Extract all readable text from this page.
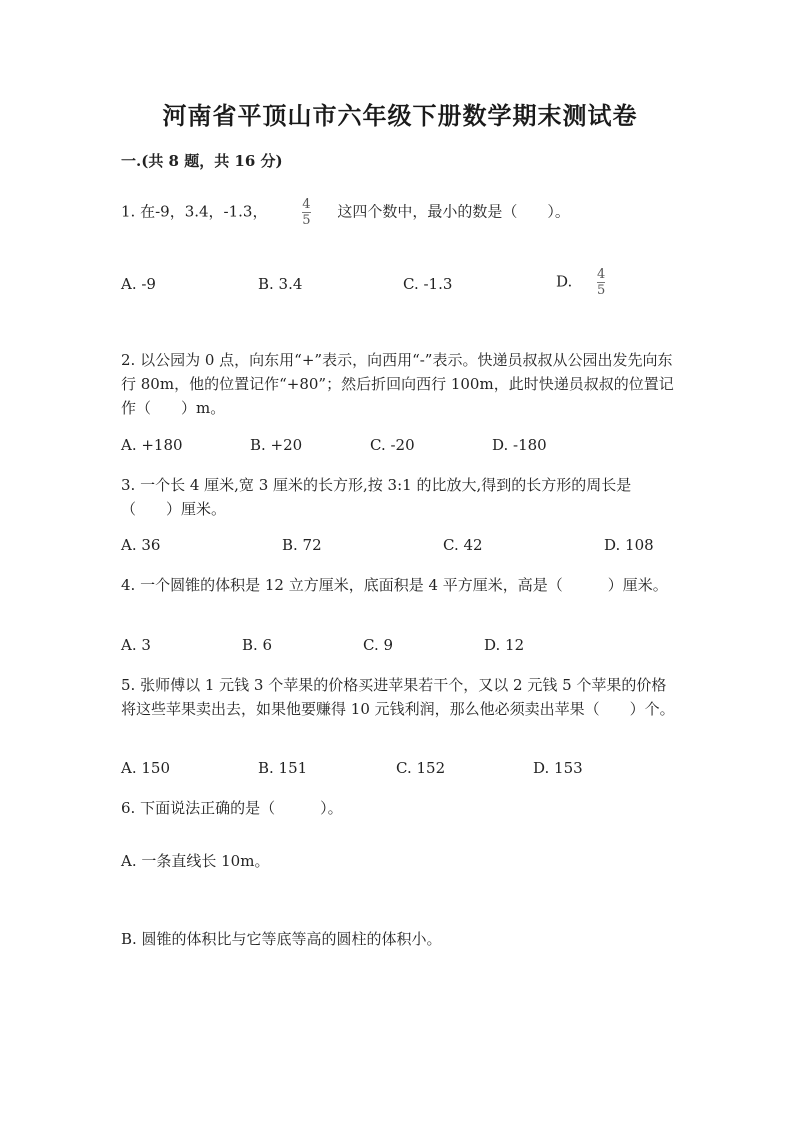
河南省平顶山市六年级下册数学期末测试卷
一.(共 8 题，共 16 分)
1. 在-9，3.4，-1.3，	$\frac{4}{5}$ 这四个数中，最小的数是（　　）。
A. -9	B. 3.4	C. -1.3	D. $\frac{4}{5}$
2. 以公园为 0 点，向东用“+”表示，向西用“-”表示。快递员叔叔从公园出发先向东行 80m，他的位置记作“+80”；然后折回向西行 100m，此时快递员叔叔的位置记作（　　）m。
A. +180	B. +20	C. -20	D. -180
3. 一个长 4 厘米,宽 3 厘米的长方形,按 3:1 的比放大,得到的长方形的周长是（　　）厘米。
A. 36	B. 72	C. 42	D. 108
4. 一个圆锥的体积是 12 立方厘米，底面积是 4 平方厘米，高是（　　　）厘米。
A. 3	B. 6	C. 9	D. 12
5. 张师傅以 1 元钱 3 个苹果的价格买进苹果若干个，又以 2 元钱 5 个苹果的价格将这些苹果卖出去，如果他要赚得 10 元钱利润，那么他必须卖出苹果（　　）个。
A. 150	B. 151	C. 152	D. 153
6. 下面说法正确的是（　　　）。
A. 一条直线长 10m。
B. 圆锥的体积比与它等底等高的圆柱的体积小。
